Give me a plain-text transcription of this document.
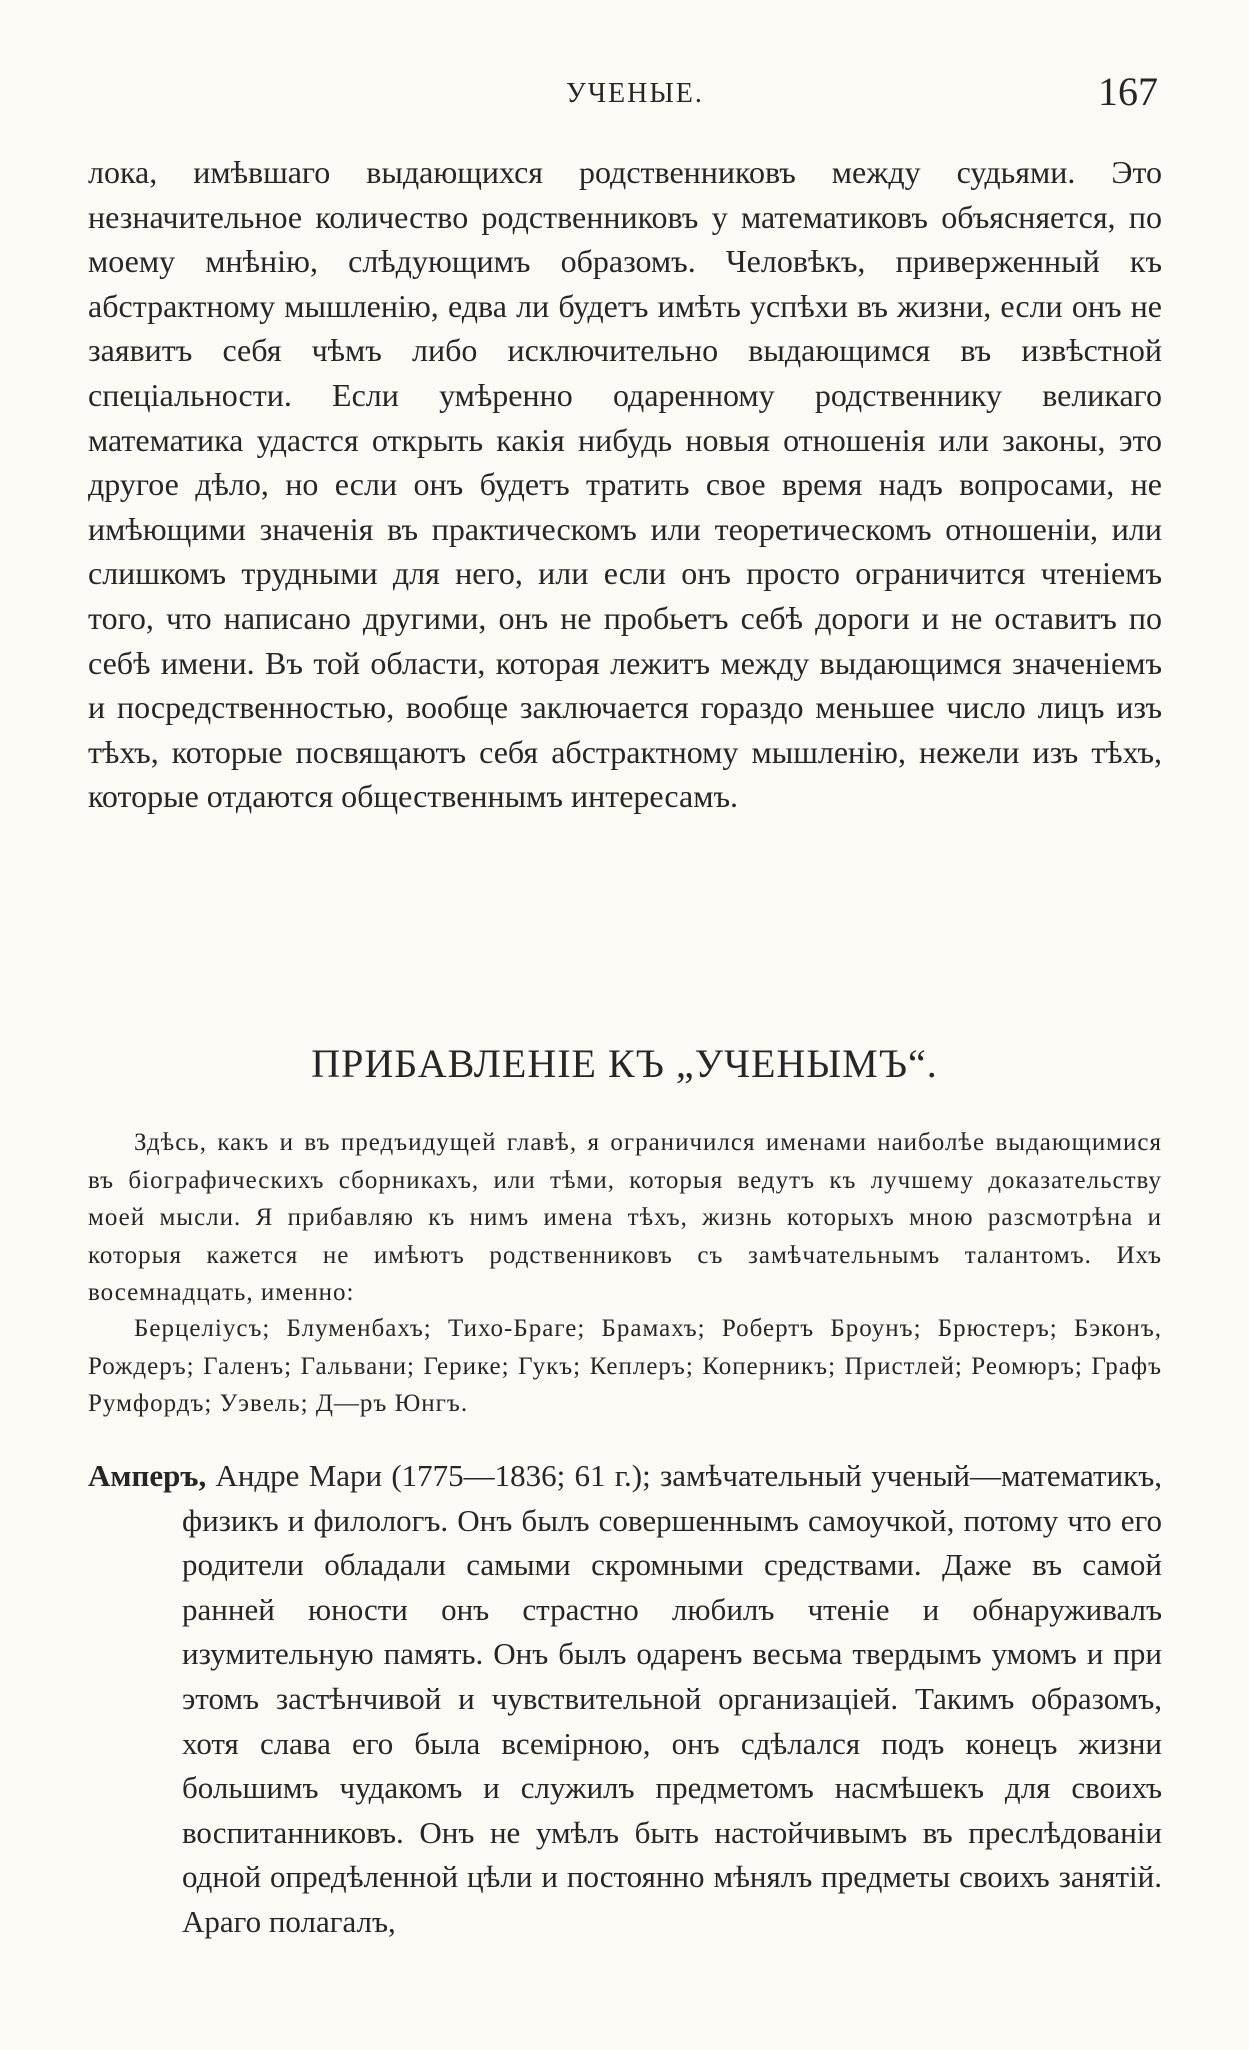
УЧЕНЫЕ.	167

лока, имѣвшаго выдающихся родственниковъ между судьями. Это незначительное количество родственниковъ у математиковъ объясняется, по моему мнѣнію, слѣдующимъ образомъ. Человѣкъ, приверженный къ абстрактному мышленію, едва ли будетъ имѣть успѣхи въ жизни, если онъ не заявитъ себя чѣмъ либо исключительно выдающимся въ извѣстной спеціальности. Если умѣренно одаренному родственнику великаго математика удастся открыть какія нибудь новыя отношенія или законы, это другое дѣло, но если онъ будетъ тратить свое время надъ вопросами, не имѣющими значенія въ практическомъ или теоретическомъ отношеніи, или слишкомъ трудными для него, или если онъ просто ограничится чтеніемъ того, что написано другими, онъ не пробьетъ себѣ дороги и не оставитъ по себѣ имени. Въ той области, которая лежитъ между выдающимся значеніемъ и посредственностью, вообще заключается гораздо меньшее число лицъ изъ тѣхъ, которые посвящаютъ себя абстрактному мышленію, нежели изъ тѣхъ, которые отдаются общественнымъ интересамъ.

ПРИБАВЛЕНІЕ КЪ „УЧЕНЫМЪ“.

Здѣсь, какъ и въ предъидущей главѣ, я ограничился именами наиболѣе выдающимися въ біографическихъ сборникахъ, или тѣми, которыя ведутъ къ лучшему доказательству моей мысли. Я прибавляю къ нимъ имена тѣхъ, жизнь которыхъ мною разсмотрѣна и которыя кажется не имѣютъ родственниковъ съ замѣчательнымъ талантомъ. Ихъ восемнадцать, именно:

Берцеліусъ; Блуменбахъ; Тихо-Браге; Брамахъ; Робертъ Броунъ; Брюстеръ; Бэконъ, Рождеръ; Галенъ; Гальвани; Герике; Гукъ; Кеплеръ; Коперникъ; Пристлей; Реомюръ; Графъ Румфордъ; Уэвель; Д—ръ Юнгъ.

Амперъ, Андре Мари (1775—1836; 61 г.); замѣчательный ученый—математикъ, физикъ и филологъ. Онъ былъ совершеннымъ самоучкой, потому что его родители обладали самыми скромными средствами. Даже въ самой ранней юности онъ страстно любилъ чтеніе и обнаруживалъ изумительную память. Онъ былъ одаренъ весьма твердымъ умомъ и при этомъ застѣнчивой и чувствительной организаціей. Такимъ образомъ, хотя слава его была всемірною, онъ сдѣлался подъ конецъ жизни большимъ чудакомъ и служилъ предметомъ насмѣшекъ для своихъ воспитанниковъ. Онъ не умѣлъ быть настойчивымъ въ преслѣдованіи одной опредѣленной цѣли и постоянно мѣнялъ предметы своихъ занятій. Араго полагалъ,
